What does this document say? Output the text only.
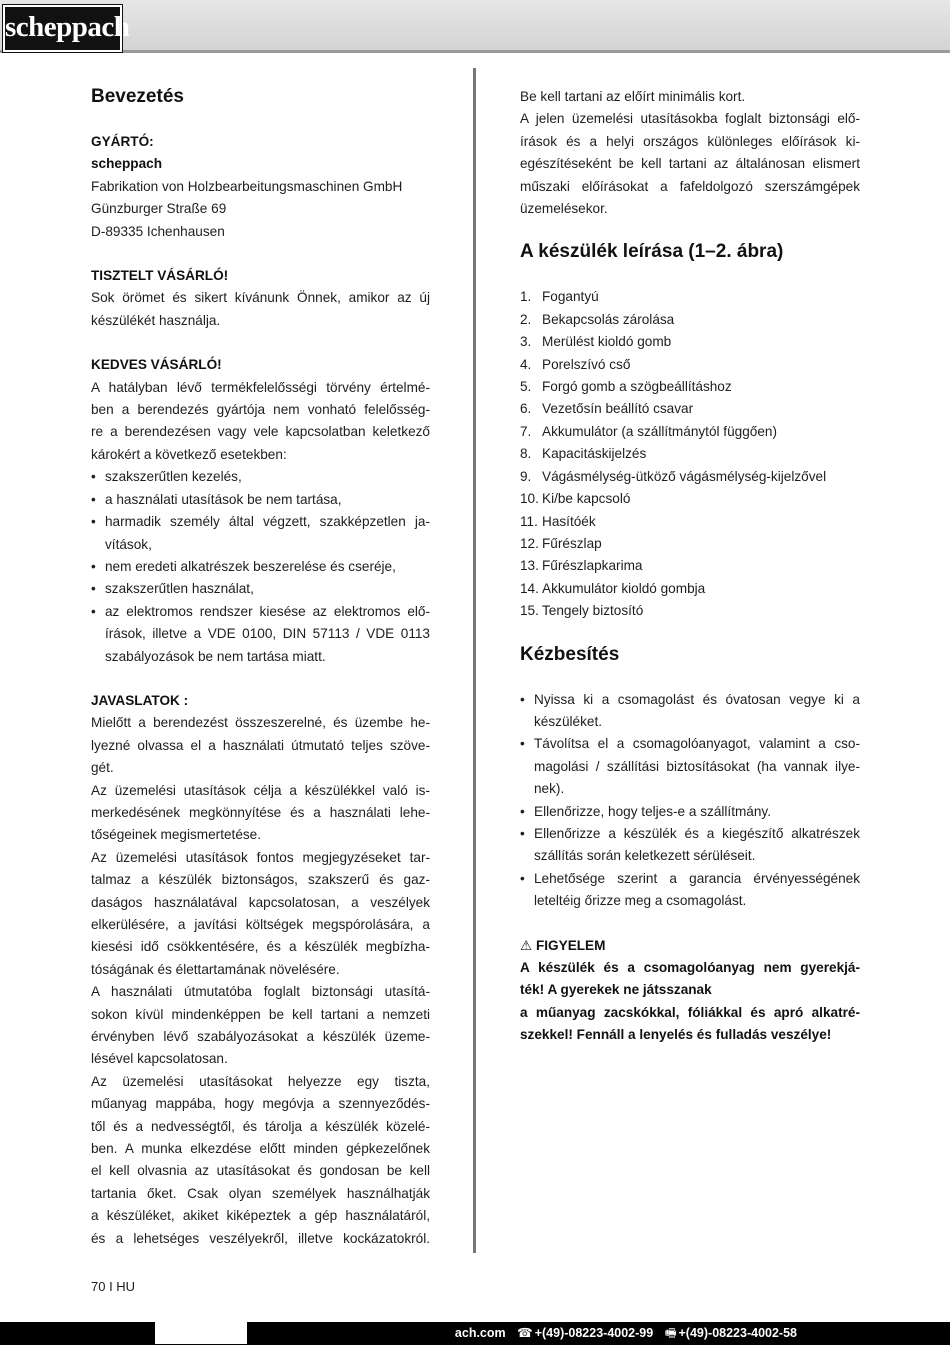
scheppach
Bevezetés
GYÁRTÓ:
scheppach
Fabrikation von Holzbearbeitungsmaschinen GmbH
Günzburger Straße 69
D-89335 Ichenhausen
TISZTELT VÁSÁRLÓ!
Sok örömet és sikert kívánunk Önnek, amikor az új
készülékét használja.
KEDVES VÁSÁRLÓ!
A hatályban lévő termékfelelősségi törvény értelmé-
ben a berendezés gyártója nem vonható felelősség-
re a berendezésen vagy vele kapcsolatban keletkező
károkért a következő esetekben:
• szakszerűtlen kezelés,
• a használati utasítások be nem tartása,
• harmadik személy által végzett, szakképzetlen ja-
vítások,
• nem eredeti alkatrészek beszerelése és cseréje,
• szakszerűtlen használat,
• az elektromos rendszer kiesése az elektromos elő-
írások, illetve a VDE 0100, DIN 57113 / VDE 0113
szabályozások be nem tartása miatt.
JAVASLATOK :
Mielőtt a berendezést összeszerelné, és üzembe he-
lyezné olvassa el a használati útmutató teljes szöve-
gét.
Az üzemelési utasítások célja a készülékkel való is-
merkedésének megkönnyítése és a használati lehe-
tőségeinek megismertetése.
Az üzemelési utasítások fontos megjegyzéseket tar-
talmaz a készülék biztonságos, szakszerű és gaz-
daságos használatával kapcsolatosan, a veszélyek
elkerülésére, a javítási költségek megspórolására, a
kiesési idő csökkentésére, és a készülék megbízha-
tóságának és élettartamának növelésére.
A használati útmutatóba foglalt biztonsági utasítá-
sokon kívül mindenképpen be kell tartani a nemzeti
érvényben lévő szabályozásokat a készülék üzeme-
lésével kapcsolatosan.
Az üzemelési utasításokat helyezze egy tiszta,
műanyag mappába, hogy megóvja a szennyeződés-
től és a nedvességtől, és tárolja a készülék közelé-
ben. A munka elkezdése előtt minden gépkezelőnek
el kell olvasnia az utasításokat és gondosan be kell
tartania őket. Csak olyan személyek használhatják
a készüléket, akiket kiképeztek a gép használatáról,
és a lehetséges veszélyekről, illetve kockázatokról.
Be kell tartani az előírt minimális kort.
A jelen üzemelési utasításokba foglalt biztonsági elő-
írások és a helyi országos különleges előírások ki-
egészítéseként be kell tartani az általánosan elismert
műszaki előírásokat a fafeldolgozó szerszámgépek
üzemelésekor.
A készülék leírása (1–2. ábra)
1. Fogantyú
2. Bekapcsolás zárolása
3. Merülést kioldó gomb
4. Porelszívó cső
5. Forgó gomb a szögbeállításhoz
6. Vezetősín beállító csavar
7. Akkumulátor (a szállítmánytól függően)
8. Kapacitáskijelzés
9. Vágásmélység-ütköző vágásmélység-kijelzővel
10. Ki/be kapcsoló
11. Hasítóék
12. Fűrészlap
13. Fűrészlapkarima
14. Akkumulátor kioldó gombja
15. Tengely biztosító
Kézbesítés
• Nyissa ki a csomagolást és óvatosan vegye ki a
készüléket.
• Távolítsa el a csomagolóanyagot, valamint a cso-
magolási / szállítási biztosításokat (ha vannak ilye-
nek).
• Ellenőrizze, hogy teljes-e a szállítmány.
• Ellenőrizze a készülék és a kiegészítő alkatrészek
szállítás során keletkezett sérüléseit.
• Lehetősége szerint a garancia érvényességének
leteltéig őrizze meg a csomagolást.
⚠ FIGYELEM
A készülék és a csomagolóanyag nem gyerekjá-
ték! A gyerekek ne játsszanak
a műanyag zacskókkal, fóliákkal és apró alkatré-
szekkel! Fennáll a lenyelés és fulladás veszélye!
70 I HU
ach.com ☎ +(49)-08223-4002-99 🖷 +(49)-08223-4002-58
